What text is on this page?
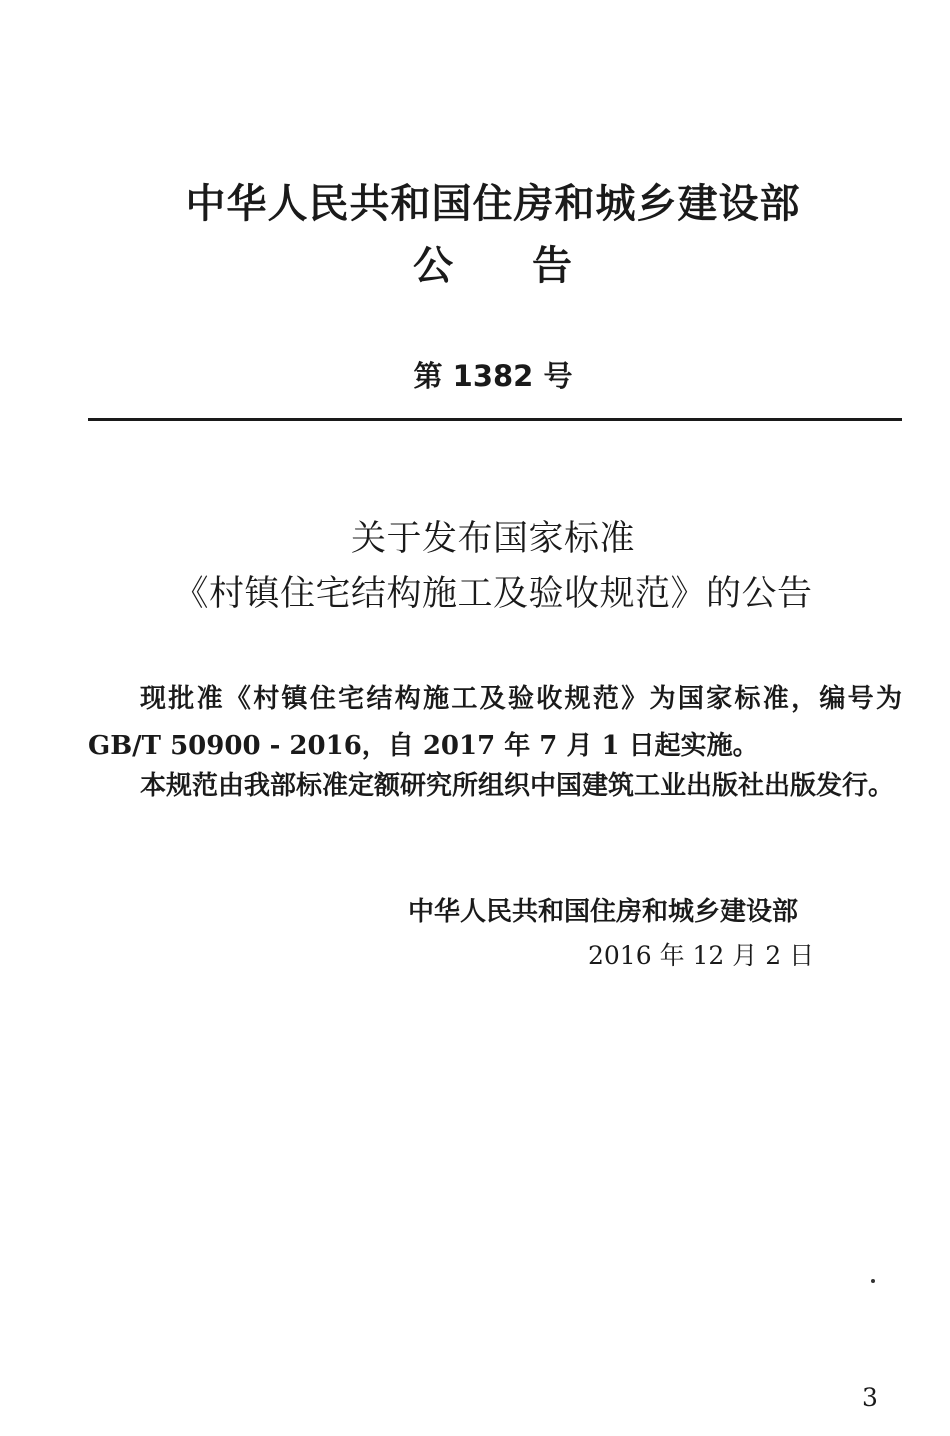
中华人民共和国住房和城乡建设部
公 告
第 1382 号
关于发布国家标准
《村镇住宅结构施工及验收规范》的公告
现批准《村镇住宅结构施工及验收规范》为国家标准，编号为 GB/T 50900 - 2016，自 2017 年 7 月 1 日起实施。
本规范由我部标准定额研究所组织中国建筑工业出版社出版发行。
中华人民共和国住房和城乡建设部
2016 年 12 月 2 日
3
